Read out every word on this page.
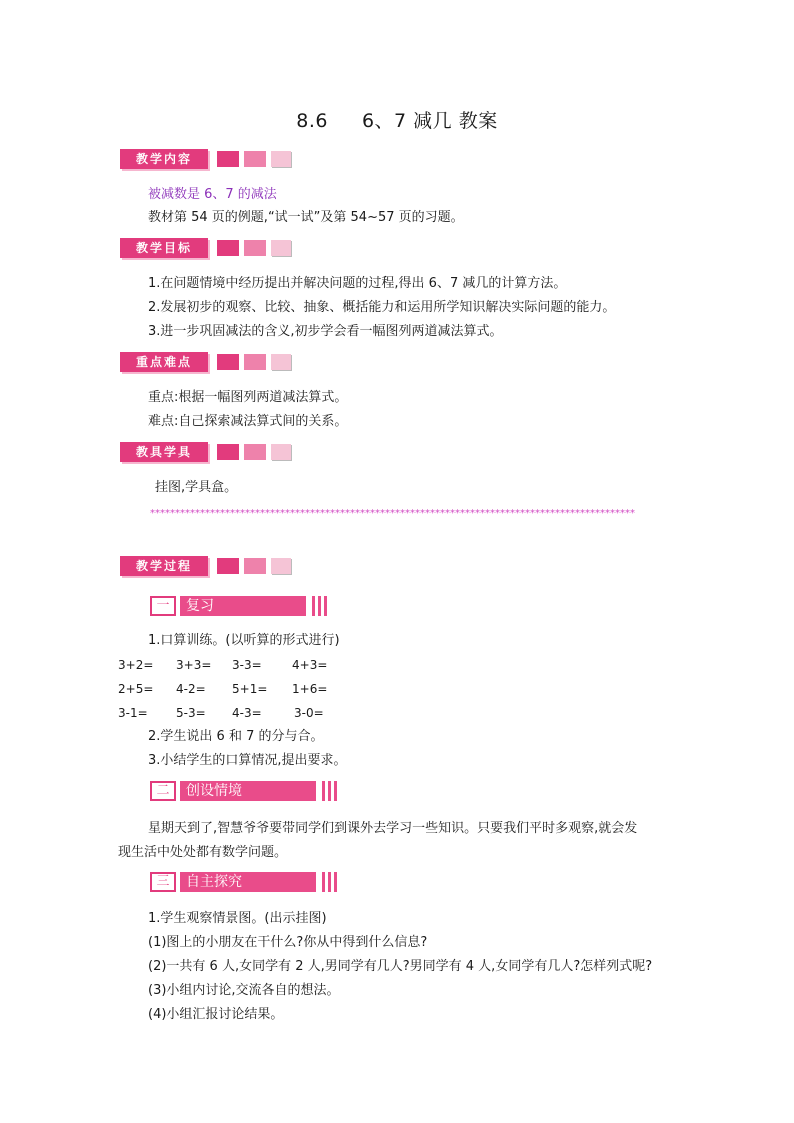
8.6 6、7 减几 教案
教学内容
被减数是 6、7 的减法
教材第 54 页的例题,“试一试”及第 54~57 页的习题。
教学目标
1.在问题情境中经历提出并解决问题的过程,得出 6、7 减几的计算方法。
2.发展初步的观察、比较、抽象、概括能力和运用所学知识解决实际问题的能力。
3.进一步巩固减法的含义,初步学会看一幅图列两道减法算式。
重点难点
重点:根据一幅图列两道减法算式。
难点:自己探索减法算式间的关系。
教具学具
挂图,学具盒。
*************************************************************************************************
教学过程
一	复习
1.口算训练。(以听算的形式进行)
3+2= 3+3= 3-3=	4+3=
2+5= 4-2= 5+1= 1+6=
3-1= 5-3= 4-3=	3-0=
2.学生说出 6 和 7 的分与合。
3.小结学生的口算情况,提出要求。
二	创设情境
星期天到了,智慧爷爷要带同学们到课外去学习一些知识。只要我们平时多观察,就会发
现生活中处处都有数学问题。
三	自主探究
1.学生观察情景图。(出示挂图)
(1)图上的小朋友在干什么?你从中得到什么信息?
(2)一共有 6 人,女同学有 2 人,男同学有几人?男同学有 4 人,女同学有几人?怎样列式呢?
(3)小组内讨论,交流各自的想法。
(4)小组汇报讨论结果。
